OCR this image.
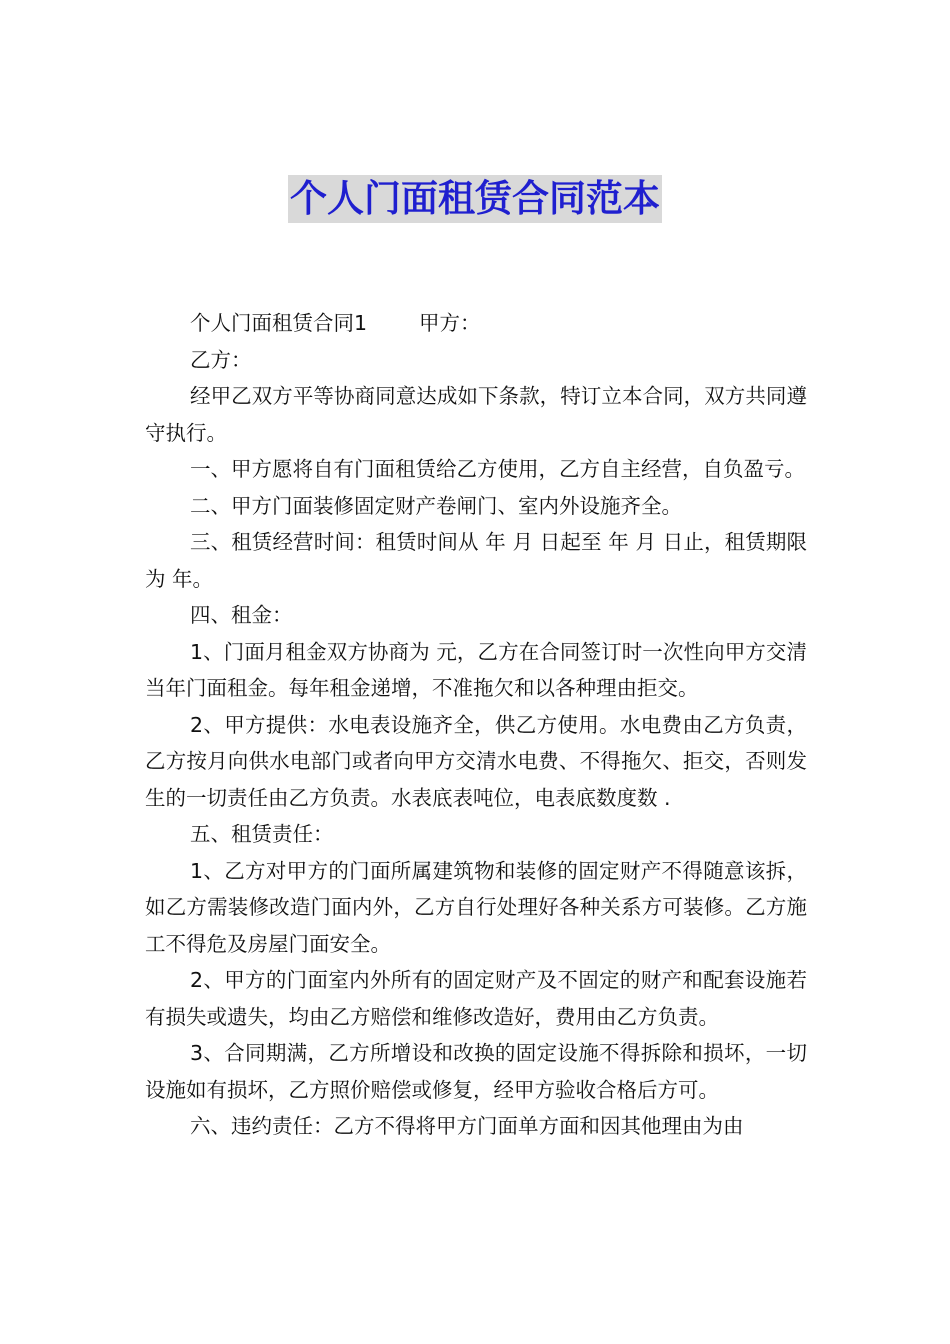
个人门面租赁合同范本

个人门面租赁合同1	甲方：

乙方：

经甲乙双方平等协商同意达成如下条款，特订立本合同，双方共同遵守执行。

一、甲方愿将自有门面租赁给乙方使用，乙方自主经营，自负盈亏。

二、甲方门面装修固定财产卷闸门、室内外设施齐全。

三、租赁经营时间：租赁时间从 年 月 日起至 年 月 日止，租赁期限为 年。

四、租金：

1、门面月租金双方协商为 元，乙方在合同签订时一次性向甲方交清当年门面租金。每年租金递增，不准拖欠和以各种理由拒交。

2、甲方提供：水电表设施齐全，供乙方使用。水电费由乙方负责，乙方按月向供水电部门或者向甲方交清水电费、不得拖欠、拒交，否则发生的一切责任由乙方负责。水表底表吨位，电表底数度数 .

五、租赁责任：

1、乙方对甲方的门面所属建筑物和装修的固定财产不得随意该拆，如乙方需装修改造门面内外，乙方自行处理好各种关系方可装修。乙方施工不得危及房屋门面安全。

2、甲方的门面室内外所有的固定财产及不固定的财产和配套设施若有损失或遗失，均由乙方赔偿和维修改造好，费用由乙方负责。

3、合同期满，乙方所增设和改换的固定设施不得拆除和损坏，一切设施如有损坏，乙方照价赔偿或修复，经甲方验收合格后方可。

六、违约责任：乙方不得将甲方门面单方面和因其他理由为由
